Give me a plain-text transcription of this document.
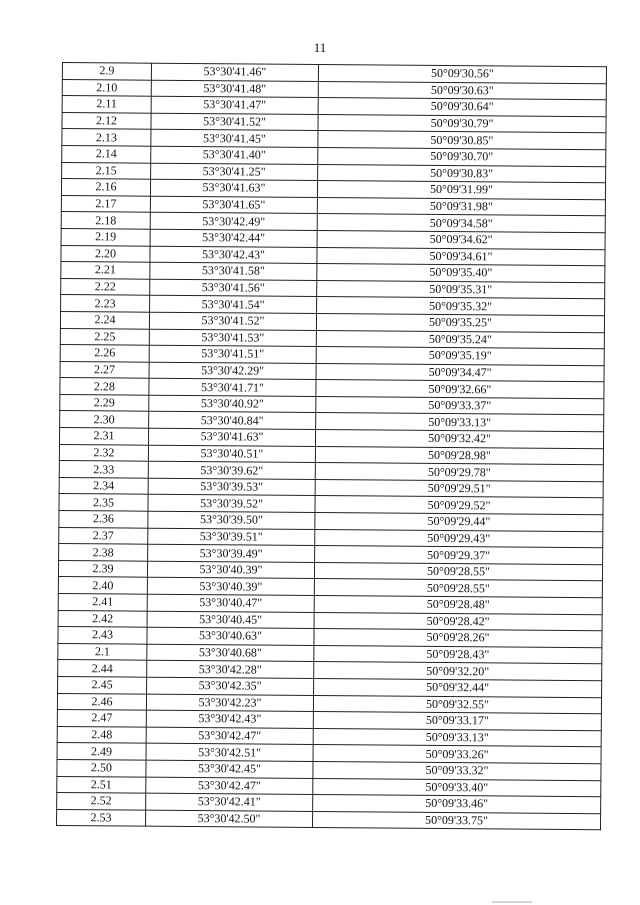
11
2.9	53°30'41.46"	50°09'30.56"
2.10	53°30'41.48"	50°09'30.63"
2.11	53°30'41.47"	50°09'30.64"
2.12	53°30'41.52"	50°09'30.79"
2.13	53°30'41.45"	50°09'30.85"
2.14	53°30'41.40"	50°09'30.70"
2.15	53°30'41.25"	50°09'30.83"
2.16	53°30'41.63"	50°09'31.99"
2.17	53°30'41.65"	50°09'31.98"
2.18	53°30'42.49"	50°09'34.58"
2.19	53°30'42.44"	50°09'34.62"
2.20	53°30'42.43"	50°09'34.61"
2.21	53°30'41.58"	50°09'35.40"
2.22	53°30'41.56"	50°09'35.31"
2.23	53°30'41.54"	50°09'35.32"
2.24	53°30'41.52"	50°09'35.25"
2.25	53°30'41.53"	50°09'35.24"
2.26	53°30'41.51"	50°09'35.19"
2.27	53°30'42.29"	50°09'34.47"
2.28	53°30'41.71"	50°09'32.66"
2.29	53°30'40.92"	50°09'33.37"
2.30	53°30'40.84"	50°09'33.13"
2.31	53°30'41.63"	50°09'32.42"
2.32	53°30'40.51"	50°09'28.98"
2.33	53°30'39.62"	50°09'29.78"
2.34	53°30'39.53"	50°09'29.51"
2.35	53°30'39.52"	50°09'29.52"
2.36	53°30'39.50"	50°09'29.44"
2.37	53°30'39.51"	50°09'29.43"
2.38	53°30'39.49"	50°09'29.37"
2.39	53°30'40.39"	50°09'28.55"
2.40	53°30'40.39"	50°09'28.55"
2.41	53°30'40.47"	50°09'28.48"
2.42	53°30'40.45"	50°09'28.42"
2.43	53°30'40.63"	50°09'28.26"
2.1	53°30'40.68"	50°09'28.43"
2.44	53°30'42.28"	50°09'32.20"
2.45	53°30'42.35"	50°09'32.44"
2.46	53°30'42.23"	50°09'32.55"
2.47	53°30'42.43"	50°09'33.17"
2.48	53°30'42.47"	50°09'33.13"
2.49	53°30'42.51"	50°09'33.26"
2.50	53°30'42.45"	50°09'33.32"
2.51	53°30'42.47"	50°09'33.40"
2.52	53°30'42.41"	50°09'33.46"
2.53	53°30'42.50"	50°09'33.75"
